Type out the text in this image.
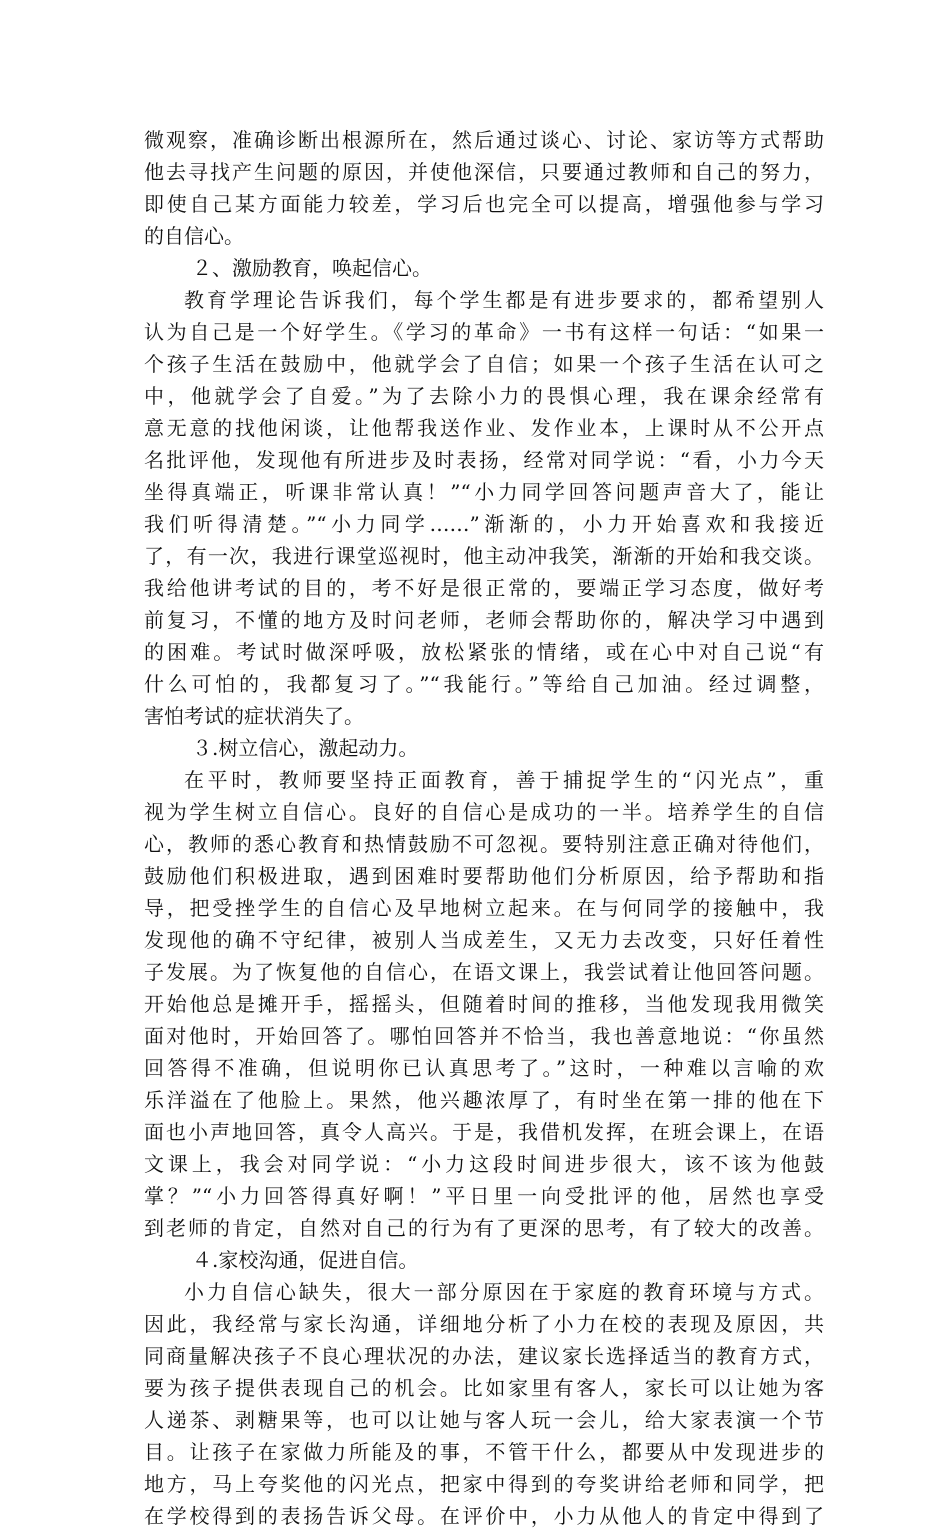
微观察，准确诊断出根源所在，然后通过谈心、讨论、家访等方式帮助
他去寻找产生问题的原因，并使他深信，只要通过教师和自己的努力，
即使自己某方面能力较差，学习后也完全可以提高，增强他参与学习
的自信心。
２、激励教育，唤起信心。
教育学理论告诉我们，每个学生都是有进步要求的，都希望别人
认为自己是一个好学生。《学习的革命》一书有这样一句话：“如果一
个孩子生活在鼓励中，他就学会了自信；如果一个孩子生活在认可之
中，他就学会了自爱。”为了去除小力的畏惧心理，我在课余经常有
意无意的找他闲谈，让他帮我送作业、发作业本，上课时从不公开点
名批评他，发现他有所进步及时表扬，经常对同学说：“看，小力今天
坐得真端正，听课非常认真！”“小力同学回答问题声音大了，能让
我们听得清楚。”“小力同学……”渐渐的，小力开始喜欢和我接近
了，有一次，我进行课堂巡视时，他主动冲我笑，渐渐的开始和我交谈。
我给他讲考试的目的，考不好是很正常的，要端正学习态度，做好考
前复习，不懂的地方及时问老师，老师会帮助你的，解决学习中遇到
的困难。考试时做深呼吸，放松紧张的情绪，或在心中对自己说“有
什么可怕的，我都复习了。”“我能行。”等给自己加油。经过调整，
害怕考试的症状消失了。
３.树立信心，激起动力。
在平时，教师要坚持正面教育，善于捕捉学生的“闪光点”，重
视为学生树立自信心。良好的自信心是成功的一半。培养学生的自信
心，教师的悉心教育和热情鼓励不可忽视。要特别注意正确对待他们，
鼓励他们积极进取，遇到困难时要帮助他们分析原因，给予帮助和指
导，把受挫学生的自信心及早地树立起来。在与何同学的接触中，我
发现他的确不守纪律，被别人当成差生，又无力去改变，只好任着性
子发展。为了恢复他的自信心，在语文课上，我尝试着让他回答问题。
开始他总是摊开手，摇摇头，但随着时间的推移，当他发现我用微笑
面对他时，开始回答了。哪怕回答并不恰当，我也善意地说：“你虽然
回答得不准确，但说明你已认真思考了。”这时，一种难以言喻的欢
乐洋溢在了他脸上。果然，他兴趣浓厚了，有时坐在第一排的他在下
面也小声地回答，真令人高兴。于是，我借机发挥，在班会课上，在语
文课上，我会对同学说：“小力这段时间进步很大，该不该为他鼓
掌？”“小力回答得真好啊！”平日里一向受批评的他，居然也享受
到老师的肯定，自然对自己的行为有了更深的思考，有了较大的改善。
４.家校沟通，促进自信。
小力自信心缺失，很大一部分原因在于家庭的教育环境与方式。
因此，我经常与家长沟通，详细地分析了小力在校的表现及原因，共
同商量解决孩子不良心理状况的办法，建议家长选择适当的教育方式，
要为孩子提供表现自己的机会。比如家里有客人，家长可以让她为客
人递茶、剥糖果等，也可以让她与客人玩一会儿，给大家表演一个节
目。让孩子在家做力所能及的事，不管干什么，都要从中发现进步的
地方，马上夸奖他的闪光点，把家中得到的夸奖讲给老师和同学，把
在学校得到的表扬告诉父母。在评价中，小力从他人的肯定中得到了
